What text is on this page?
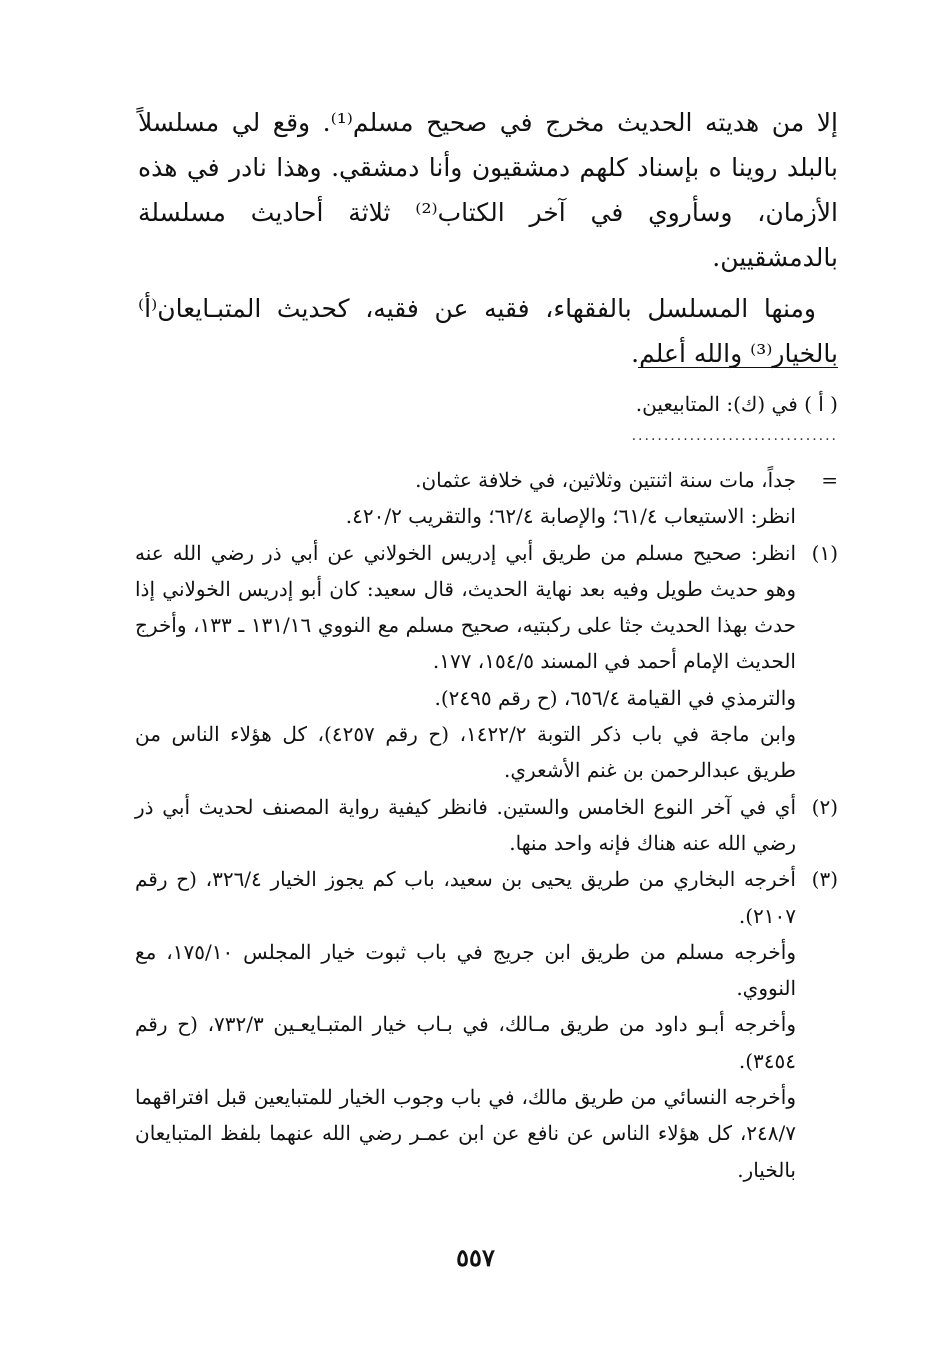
إلا من هديته الحديث مخرج في صحيح مسلم⁽¹⁾. وقع لي مسلسلاً بالبلد روينا ه بإسناد كلهم دمشقيون وأنا دمشقي. وهذا نادر في هذه الأزمان، وسأروي في آخر الكتاب⁽²⁾ ثلاثة أحاديث مسلسلة بالدمشقيين.

ومنها المسلسل بالفقهاء، فقيه عن فقيه، كحديث المتبـايعان⁽أ⁾ بالخيار⁽³⁾ والله أعلم.

( أ ) في (ك): المتابيعين.
................................
=

جداً، مات سنة اثنتين وثلاثين، في خلافة عثمان.

انظر: الاستيعاب ٦١/٤؛ والإصابة ٦٢/٤؛ والتقريب ٤٢٠/٢.

(١)

انظر: صحيح مسلم من طريق أبي إدريس الخولاني عن أبي ذر رضي الله عنه وهو حديث طويل وفيه بعد نهاية الحديث، قال سعيد: كان أبو إدريس الخولاني إذا حدث بهذا الحديث جثا على ركبتيه، صحيح مسلم مع النووي ١٣١/١٦ ـ ١٣٣، وأخرج الحديث الإمام أحمد في المسند ١٥٤/٥، ١٧٧.

والترمذي في القيامة ٦٥٦/٤، (ح رقم ٢٤٩٥).

وابن ماجة في باب ذكر التوبة ١٤٢٢/٢، (ح رقم ٤٢٥٧)، كل هؤلاء الناس من طريق عبدالرحمن بن غنم الأشعري.

(٢)

أي في آخر النوع الخامس والستين. فانظر كيفية رواية المصنف لحديث أبي ذر رضي الله عنه هناك فإنه واحد منها.

(٣)

أخرجه البخاري من طريق يحيى بن سعيد، باب كم يجوز الخيار ٣٢٦/٤، (ح رقم ٢١٠٧).

وأخرجه مسلم من طريق ابن جريج في باب ثبوت خيار المجلس ١٧٥/١٠، مع النووي.

وأخرجه أبـو داود من طريق مـالك، في بـاب خيار المتبـايعـين ٧٣٢/٣، (ح رقم ٣٤٥٤).

وأخرجه النسائي من طريق مالك، في باب وجوب الخيار للمتبايعين قبل افتراقهما ٢٤٨/٧، كل هؤلاء الناس عن نافع عن ابن عمـر رضي الله عنهما بلفظ المتبايعان بالخيار.

٥٥٧
